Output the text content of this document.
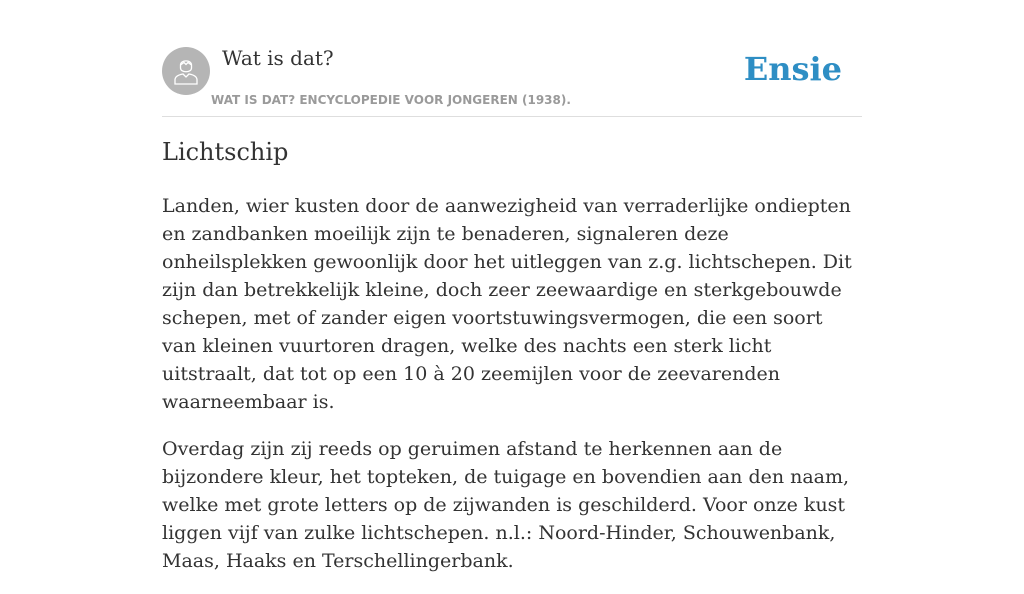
Wat is dat?
WAT IS DAT? ENCYCLOPEDIE VOOR JONGEREN (1938).
Ensie
Lichtschip

Landen, wier kusten door de aanwezigheid van verraderlijke ondiepten en zandbanken moeilijk zijn te benaderen, signaleren deze onheilsplekken gewoonlijk door het uitleggen van z.g. lichtschepen. Dit zijn dan betrekkelijk kleine, doch zeer zeewaardige en sterkgebouwde schepen, met of zander eigen voortstuwingsvermogen, die een soort van kleinen vuurtoren dragen, welke des nachts een sterk licht uitstraalt, dat tot op een 10 à 20 zeemijlen voor de zeevarenden waarneembaar is.

Overdag zijn zij reeds op geruimen afstand te herkennen aan de bijzondere kleur, het topteken, de tuigage en bovendien aan den naam, welke met grote letters op de zijwanden is geschilderd. Voor onze kust liggen vijf van zulke lichtschepen. n.l.: Noord-Hinder, Schouwenbank, Maas, Haaks en Terschellingerbank.
